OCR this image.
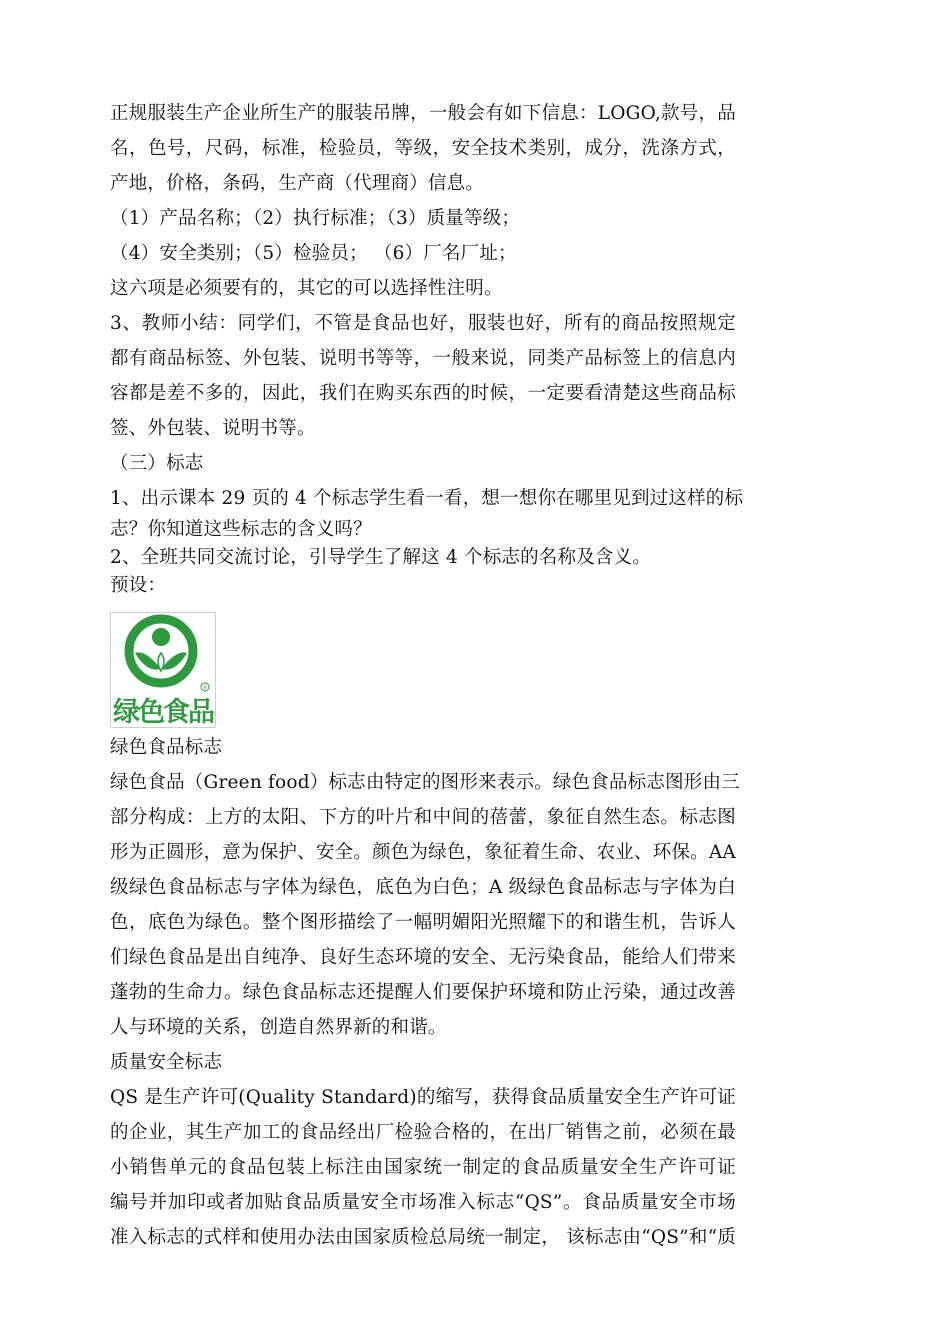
正规服装生产企业所生产的服装吊牌，一般会有如下信息：LOGO,款号，品
名，色号，尺码，标准，检验员，等级，安全技术类别，成分，洗涤方式，
产地，价格，条码，生产商（代理商）信息。
（1）产品名称；（2）执行标准；（3）质量等级；
（4）安全类别；（5）检验员； （6）厂名厂址；
这六项是必须要有的，其它的可以选择性注明。
3、教师小结：同学们，不管是食品也好，服装也好，所有的商品按照规定
都有商品标签、外包装、说明书等等，一般来说，同类产品标签上的信息内
容都是差不多的，因此，我们在购买东西的时候，一定要看清楚这些商品标
签、外包装、说明书等。
（三）标志
1、出示课本 29 页的 4 个标志学生看一看，想一想你在哪里见到过这样的标
志？你知道这些标志的含义吗？
2、全班共同交流讨论，引导学生了解这 4 个标志的名称及含义。
预设：
®
绿色食品
绿色食品标志
绿色食品（Green food）标志由特定的图形来表示。绿色食品标志图形由三
部分构成：上方的太阳、下方的叶片和中间的蓓蕾，象征自然生态。标志图
形为正圆形，意为保护、安全。颜色为绿色，象征着生命、农业、环保。AA
级绿色食品标志与字体为绿色，底色为白色；A 级绿色食品标志与字体为白
色，底色为绿色。整个图形描绘了一幅明媚阳光照耀下的和谐生机，告诉人
们绿色食品是出自纯净、良好生态环境的安全、无污染食品，能给人们带来
蓬勃的生命力。绿色食品标志还提醒人们要保护环境和防止污染，通过改善
人与环境的关系，创造自然界新的和谐。
质量安全标志
QS 是生产许可(Quality Standard)的缩写，获得食品质量安全生产许可证
的企业，其生产加工的食品经出厂检验合格的，在出厂销售之前，必须在最
小销售单元的食品包装上标注由国家统一制定的食品质量安全生产许可证
编号并加印或者加贴食品质量安全市场准入标志“QS”。食品质量安全市场
准入标志的式样和使用办法由国家质检总局统一制定， 该标志由“QS”和“质
